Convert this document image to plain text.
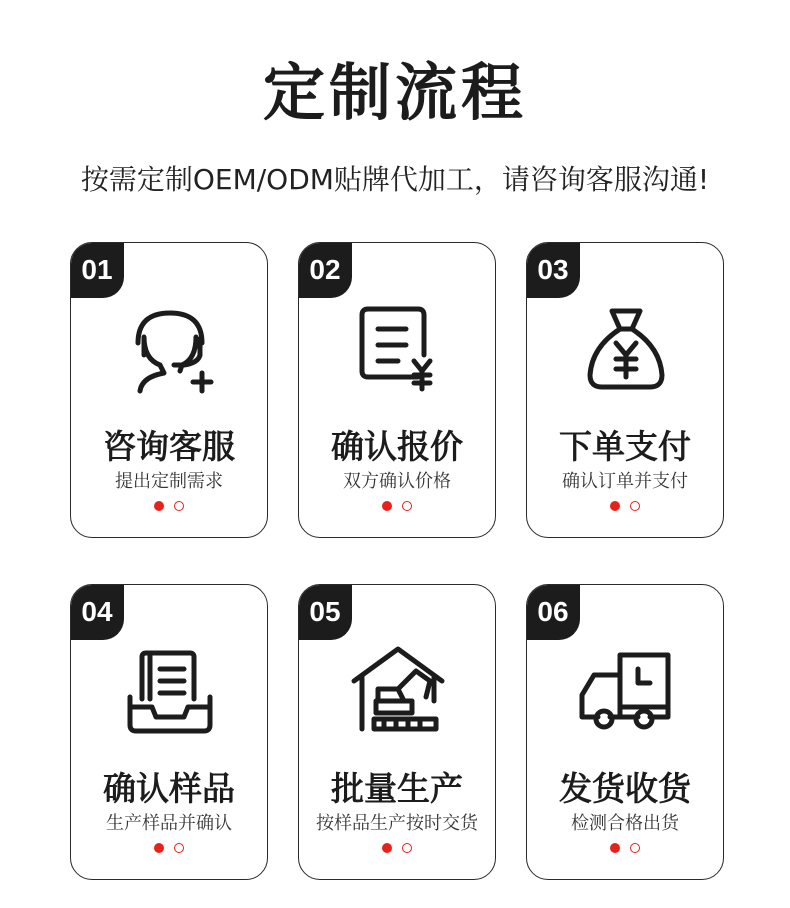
定制流程
按需定制OEM/ODM贴牌代加工，请咨询客服沟通!
01
咨询客服
提出定制需求
02
确认报价
双方确认价格
03
下单支付
确认订单并支付
04
确认样品
生产样品并确认
05
批量生产
按样品生产按时交货
06
发货收货
检测合格出货
